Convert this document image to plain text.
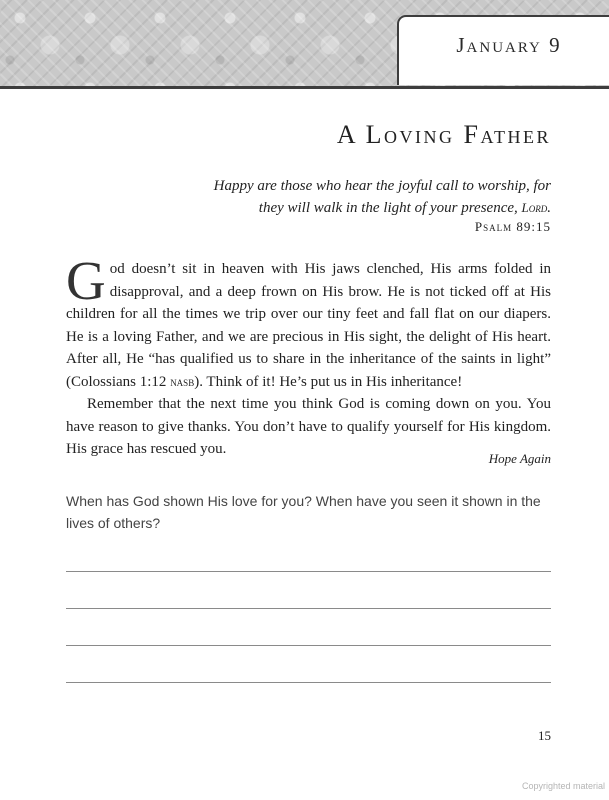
January 9
A Loving Father
Happy are those who hear the joyful call to worship, for
they will walk in the light of your presence, Lord.
Psalm 89:15

God doesn’t sit in heaven with His jaws clenched, His arms folded in disapproval, and a deep frown on His brow. He is not ticked off at His children for all the times we trip over our tiny feet and fall flat on our diapers. He is a loving Father, and we are precious in His sight, the delight of His heart. After all, He “has qualified us to share in the inheritance of the saints in light” (Colossians 1:12 nasb). Think of it! He’s put us in His inheritance!

Remember that the next time you think God is coming down on you. You have reason to give thanks. You don’t have to qualify yourself for His kingdom. His grace has rescued you.

Hope Again
When has God shown His love for you? When have you seen it shown in the lives of others?
15
Copyrighted material
